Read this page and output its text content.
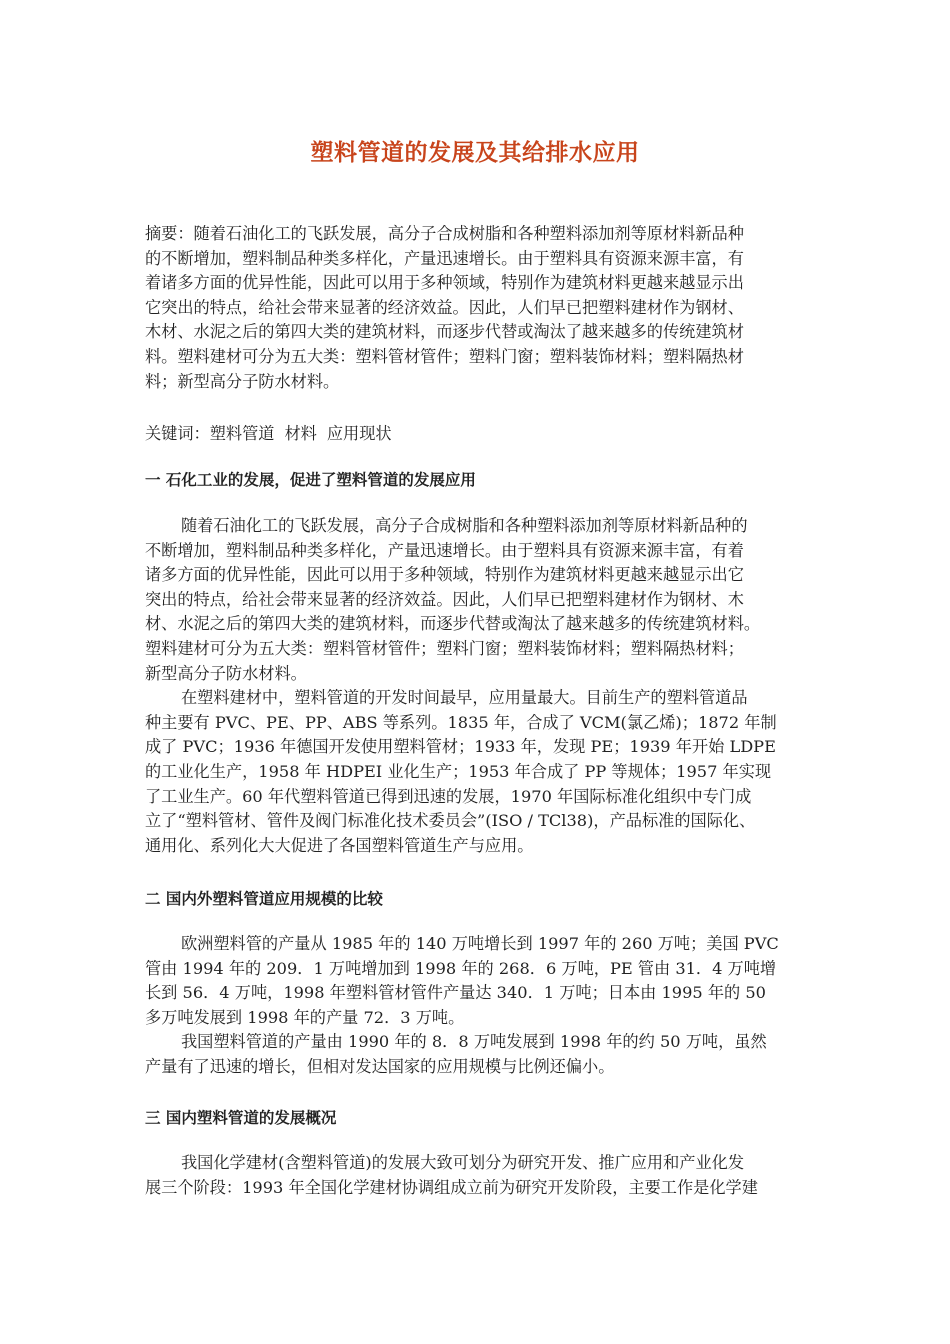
塑料管道的发展及其给排水应用
摘要：随着石油化工的飞跃发展，高分子合成树脂和各种塑料添加剂等原材料新品种
的不断增加，塑料制品种类多样化，产量迅速增长。由于塑料具有资源来源丰富，有
着诸多方面的优异性能，因此可以用于多种领域，特别作为建筑材料更越来越显示出
它突出的特点，给社会带来显著的经济效益。因此，人们早已把塑料建材作为钢材、
木材、水泥之后的第四大类的建筑材料，而逐步代替或淘汰了越来越多的传统建筑材
料。塑料建材可分为五大类：塑料管材管件；塑料门窗；塑料装饰材料；塑料隔热材
料；新型高分子防水材料。
关键词：塑料管道 材料 应用现状
一 石化工业的发展，促进了塑料管道的发展应用
随着石油化工的飞跃发展，高分子合成树脂和各种塑料添加剂等原材料新品种的
不断增加，塑料制品种类多样化，产量迅速增长。由于塑料具有资源来源丰富，有着
诸多方面的优异性能，因此可以用于多种领域，特别作为建筑材料更越来越显示出它
突出的特点，给社会带来显著的经济效益。因此，人们早已把塑料建材作为钢材、木
材、水泥之后的第四大类的建筑材料，而逐步代替或淘汰了越来越多的传统建筑材料。
塑料建材可分为五大类：塑料管材管件；塑料门窗；塑料装饰材料；塑料隔热材料；
新型高分子防水材料。
在塑料建材中，塑料管道的开发时间最早，应用量最大。目前生产的塑料管道品
种主要有 PVC、PE、PP、ABS 等系列。1835 年，合成了 VCM(氯乙烯)；1872 年制
成了 PVC；1936 年德国开发使用塑料管材；1933 年，发现 PE；1939 年开始 LDPE
的工业化生产，1958 年 HDPEI 业化生产；1953 年合成了 PP 等规体；1957 年实现
了工业生产。60 年代塑料管道已得到迅速的发展，1970 年国际标准化组织中专门成
立了“塑料管材、管件及阀门标准化技术委员会”(ISO / TCl38)，产品标准的国际化、
通用化、系列化大大促进了各国塑料管道生产与应用。
二 国内外塑料管道应用规模的比较
欧洲塑料管的产量从 1985 年的 140 万吨增长到 1997 年的 260 万吨；美国 PVC
管由 1994 年的 209．1 万吨增加到 1998 年的 268．6 万吨，PE 管由 31．4 万吨增
长到 56．4 万吨，1998 年塑料管材管件产量达 340．1 万吨；日本由 1995 年的 50
多万吨发展到 1998 年的产量 72．3 万吨。
我国塑料管道的产量由 1990 年的 8．8 万吨发展到 1998 年的约 50 万吨，虽然
产量有了迅速的增长，但相对发达国家的应用规模与比例还偏小。
三 国内塑料管道的发展概况
我国化学建材(含塑料管道)的发展大致可划分为研究开发、推广应用和产业化发
展三个阶段：1993 年全国化学建材协调组成立前为研究开发阶段，主要工作是化学建
